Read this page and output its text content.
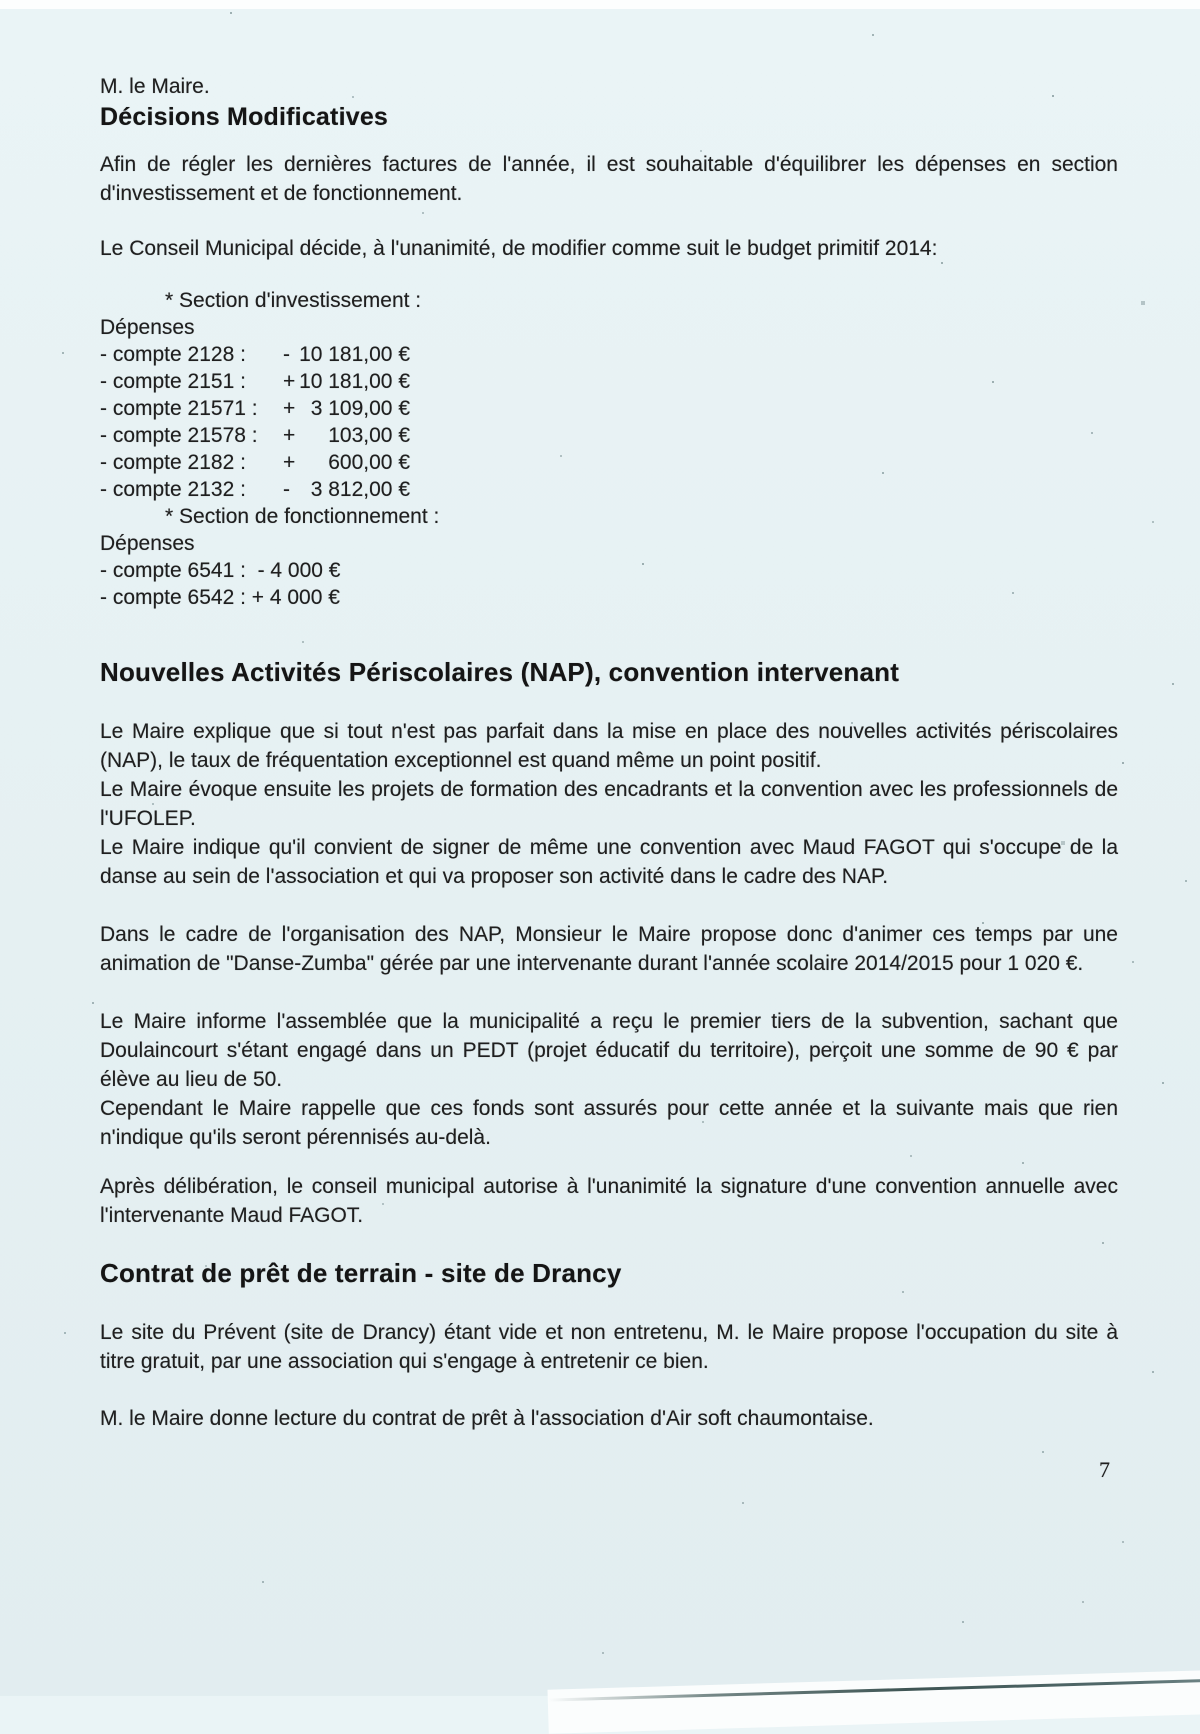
M. le Maire.

Décisions Modificatives

Afin de régler les dernières factures de l'année, il est souhaitable d'équilibrer les dépenses en section d'investissement et de fonctionnement.

Le Conseil Municipal décide, à l'unanimité, de modifier comme suit le budget primitif 2014:

* Section d'investissement :

Dépenses

- compte 2128 : - 10 181,00 €
- compte 2151 : + 10 181,00 €
- compte 21571 : + 3 109,00 €
- compte 21578 : +	103,00 €
- compte 2182 : +	600,00 €
- compte 2132 : - 3 812,00 €

* Section de fonctionnement :

Dépenses

- compte 6541 :  - 4 000 €

- compte 6542 : + 4 000 €

Nouvelles Activités Périscolaires (NAP), convention intervenant

Le Maire explique que si tout n'est pas parfait dans la mise en place des nouvelles activités périscolaires (NAP), le taux de fréquentation exceptionnel est quand même un point positif.

Le Maire évoque ensuite les projets de formation des encadrants et la convention avec les professionnels de l'UFOLEP.

Le Maire indique qu'il convient de signer de même une convention avec Maud FAGOT qui s'occupe de la danse au sein de l'association et qui va proposer son activité dans le cadre des NAP.

Dans le cadre de l'organisation des NAP, Monsieur le Maire propose donc d'animer ces temps par une animation de "Danse-Zumba" gérée par une intervenante durant l'année scolaire 2014/2015 pour 1 020 €.

Le Maire informe l'assemblée que la municipalité a reçu le premier tiers de la subvention, sachant que Doulaincourt s'étant engagé dans un PEDT (projet éducatif du territoire), perçoit une somme de 90 € par élève au lieu de 50.

Cependant le Maire rappelle que ces fonds sont assurés pour cette année et la suivante mais que rien n'indique qu'ils seront pérennisés au-delà.

Après délibération, le conseil municipal autorise à l'unanimité la signature d'une convention annuelle avec l'intervenante Maud FAGOT.

Contrat de prêt de terrain - site de Drancy

Le site du Prévent (site de Drancy) étant vide et non entretenu, M. le Maire propose l'occupation du site à titre gratuit, par une association qui s'engage à entretenir ce bien.

M. le Maire donne lecture du contrat de prêt à l'association d'Air soft chaumontaise.

7
